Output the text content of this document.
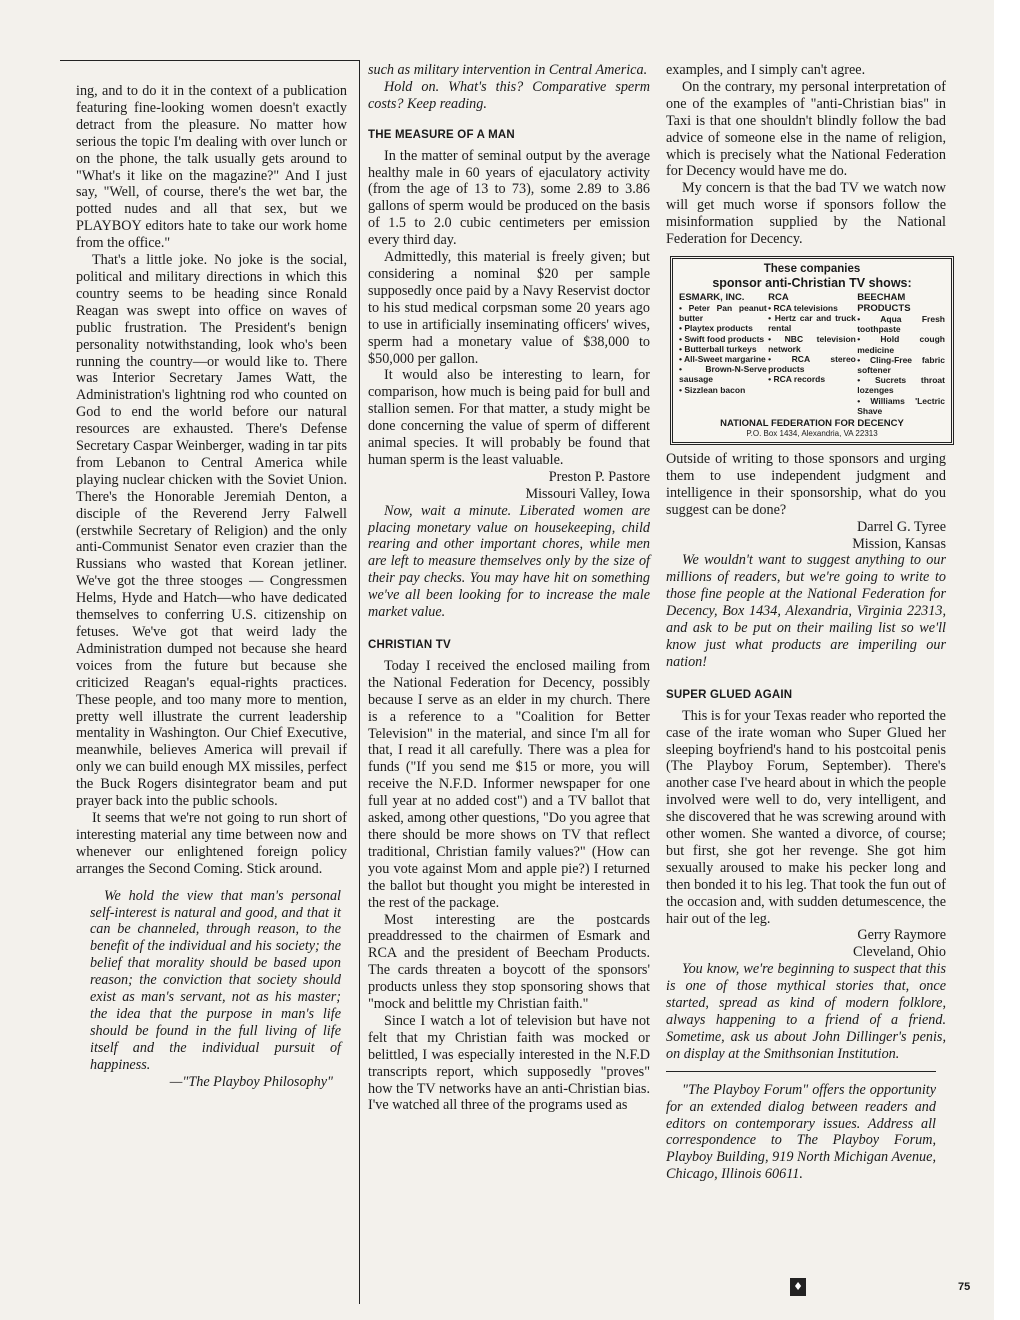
ing, and to do it in the context of a publication featuring fine-looking women doesn't exactly detract from the pleasure. No matter how serious the topic I'm dealing with over lunch or on the phone, the talk usually gets around to "What's it like on the magazine?" And I just say, "Well, of course, there's the wet bar, the potted nudes and all that sex, but we PLAYBOY editors hate to take our work home from the office."

That's a little joke. No joke is the social, political and military directions in which this country seems to be heading since Ronald Reagan was swept into office on waves of public frustration. The President's benign personality notwithstanding, look who's been running the country—or would like to. There was Interior Secretary James Watt, the Administration's lightning rod who counted on God to end the world before our natural resources are exhausted. There's Defense Secretary Caspar Weinberger, wading in tar pits from Lebanon to Central America while playing nuclear chicken with the Soviet Union. There's the Honorable Jeremiah Denton, a disciple of the Reverend Jerry Falwell (erstwhile Secretary of Religion) and the only anti-Communist Senator even crazier than the Russians who wasted that Korean jetliner. We've got the three stooges — Congressmen Helms, Hyde and Hatch—who have dedicated themselves to conferring U.S. citizenship on fetuses. We've got that weird lady the Administration dumped not because she heard voices from the future but because she criticized Reagan's equal-rights practices. These people, and too many more to mention, pretty well illustrate the current leadership mentality in Washington. Our Chief Executive, meanwhile, believes America will prevail if only we can build enough MX missiles, perfect the Buck Rogers disintegrator beam and put prayer back into the public schools.

It seems that we're not going to run short of interesting material any time between now and whenever our enlightened foreign policy arranges the Second Coming. Stick around.

We hold the view that man's personal self-interest is natural and good, and that it can be channeled, through reason, to the benefit of the individual and his society; the belief that morality should be based upon reason; the conviction that society should exist as man's servant, not as his master; the idea that the purpose in man's life should be found in the full living of life itself and the individual pursuit of happiness.

—"The Playboy Philosophy"

such as military intervention in Central America.

Hold on. What's this? Comparative sperm costs? Keep reading.

THE MEASURE OF A MAN

In the matter of seminal output by the average healthy male in 60 years of ejaculatory activity (from the age of 13 to 73), some 2.89 to 3.86 gallons of sperm would be produced on the basis of 1.5 to 2.0 cubic centimeters per emission every third day.

Admittedly, this material is freely given; but considering a nominal $20 per sample supposedly once paid by a Navy Reservist doctor to his stud medical corpsman some 20 years ago to use in artificially inseminating officers' wives, sperm had a monetary value of $38,000 to $50,000 per gallon.

It would also be interesting to learn, for comparison, how much is being paid for bull and stallion semen. For that matter, a study might be done concerning the value of sperm of different animal species. It will probably be found that human sperm is the least valuable.

Preston P. Pastore

Missouri Valley, Iowa

Now, wait a minute. Liberated women are placing monetary value on housekeeping, child rearing and other important chores, while men are left to measure themselves only by the size of their pay checks. You may have hit on something we've all been looking for to increase the male market value.

CHRISTIAN TV

Today I received the enclosed mailing from the National Federation for Decency, possibly because I serve as an elder in my church. There is a reference to a "Coalition for Better Television" in the material, and since I'm all for that, I read it all carefully. There was a plea for funds ("If you send me $15 or more, you will receive the N.F.D. Informer newspaper for one full year at no added cost") and a TV ballot that asked, among other questions, "Do you agree that there should be more shows on TV that reflect traditional, Christian family values?" (How can you vote against Mom and apple pie?) I returned the ballot but thought you might be interested in the rest of the package.

Most interesting are the postcards preaddressed to the chairmen of Esmark and RCA and the president of Beecham Products. The cards threaten a boycott of the sponsors' products unless they stop sponsoring shows that "mock and belittle my Christian faith."

Since I watch a lot of television but have not felt that my Christian faith was mocked or belittled, I was especially interested in the N.F.D transcripts report, which supposedly "proves" how the TV networks have an anti-Christian bias. I've watched all three of the programs used as

examples, and I simply can't agree.

On the contrary, my personal interpretation of one of the examples of "anti-Christian bias" in Taxi is that one shouldn't blindly follow the bad advice of someone else in the name of religion, which is precisely what the National Federation for Decency would have me do.

My concern is that the bad TV we watch now will get much worse if sponsors follow the misinformation supplied by the National Federation for Decency.

These companies
sponsor anti-Christian TV shows:
ESMARK, INC.
• Peter Pan peanut butter
• Playtex products
• Swift food products
• Butterball turkeys
• All-Sweet margarine
• Brown-N-Serve sausage
• Sizzlean bacon
RCA
• RCA televisions
• Hertz car and truck rental
• NBC television network
• RCA stereo products
• RCA records
BEECHAM PRODUCTS
• Aqua Fresh toothpaste
• Hold cough medicine
• Cling-Free fabric softener
• Sucrets throat lozenges
• Williams 'Lectric Shave
NATIONAL FEDERATION FOR DECENCY
P.O. Box 1434, Alexandria, VA 22313

Outside of writing to those sponsors and urging them to use independent judgment and intelligence in their sponsorship, what do you suggest can be done?

Darrel G. Tyree

Mission, Kansas

We wouldn't want to suggest anything to our millions of readers, but we're going to write to those fine people at the National Federation for Decency, Box 1434, Alexandria, Virginia 22313, and ask to be put on their mailing list so we'll know just what products are imperiling our nation!

SUPER GLUED AGAIN

This is for your Texas reader who reported the case of the irate woman who Super Glued her sleeping boyfriend's hand to his postcoital penis (The Playboy Forum, September). There's another case I've heard about in which the people involved were well to do, very intelligent, and she discovered that he was screwing around with other women. She wanted a divorce, of course; but first, she got her revenge. She got him sexually aroused to make his pecker long and then bonded it to his leg. That took the fun out of the occasion and, with sudden detumescence, the hair out of the leg.

Gerry Raymore

Cleveland, Ohio

You know, we're beginning to suspect that this is one of those mythical stories that, once started, spread as kind of modern folklore, always happening to a friend of a friend. Sometime, ask us about John Dillinger's penis, on display at the Smithsonian Institution.

"The Playboy Forum" offers the opportunity for an extended dialog between readers and editors on contemporary issues. Address all correspondence to The Playboy Forum, Playboy Building, 919 North Michigan Avenue, Chicago, Illinois 60611.

♦	75
